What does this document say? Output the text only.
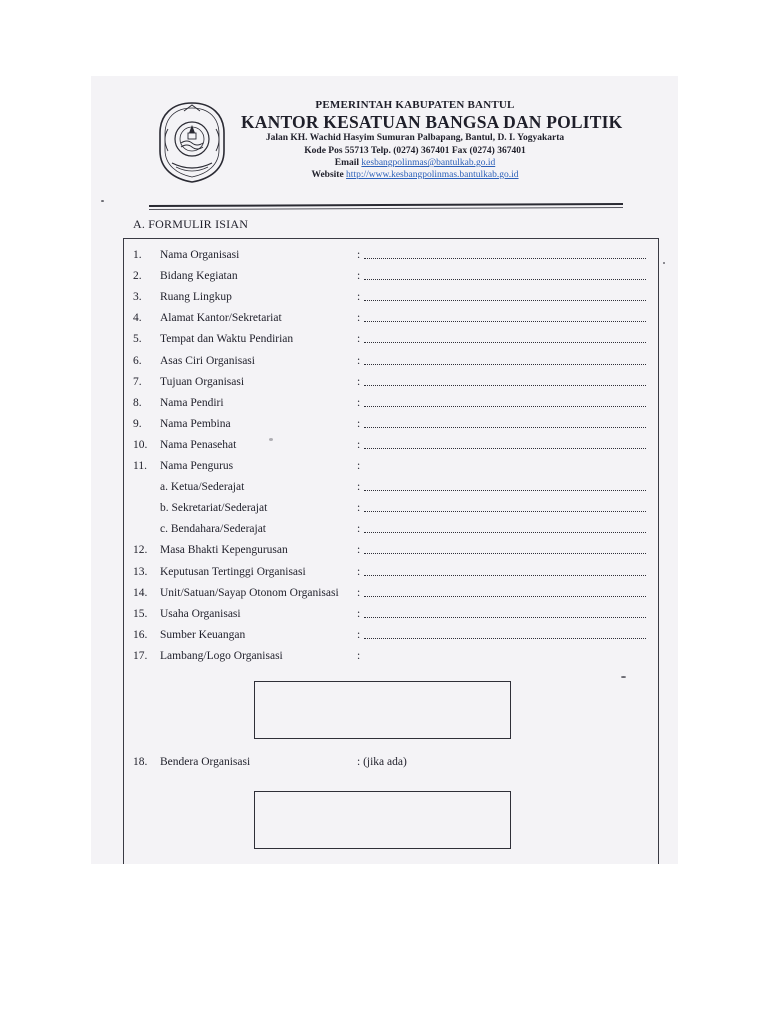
PEMERINTAH KABUPATEN BANTUL
KANTOR KESATUAN BANGSA DAN POLITIK
Jalan KH. Wachid Hasyim Sumuran Palbapang, Bantul, D. I. Yogyakarta
Kode Pos 55713 Telp. (0274) 367401 Fax (0274) 367401
Email kesbangpolinmas@bantulkab.go.id
Website http://www.kesbangpolinmas.bantulkab.go.id
A. FORMULIR ISIAN
1. Nama Organisasi	:
2. Bidang Kegiatan	:
3. Ruang Lingkup	:
4. Alamat Kantor/Sekretariat	:
5. Tempat dan Waktu Pendirian	:
6. Asas Ciri Organisasi	:
7. Tujuan Organisasi	:
8. Nama Pendiri	:
9. Nama Pembina	:
10. Nama Penasehat	:
11. Nama Pengurus	:
a. Ketua/Sederajat	:
b. Sekretariat/Sederajat	:
c. Bendahara/Sederajat	:
12. Masa Bhakti Kepengurusan	:
13. Keputusan Tertinggi Organisasi	:
14. Unit/Satuan/Sayap Otonom Organisasi :
15. Usaha Organisasi	:
16. Sumber Keuangan	:
17. Lambang/Logo Organisasi	:
18. Bendera Organisasi	: (jika ada)
